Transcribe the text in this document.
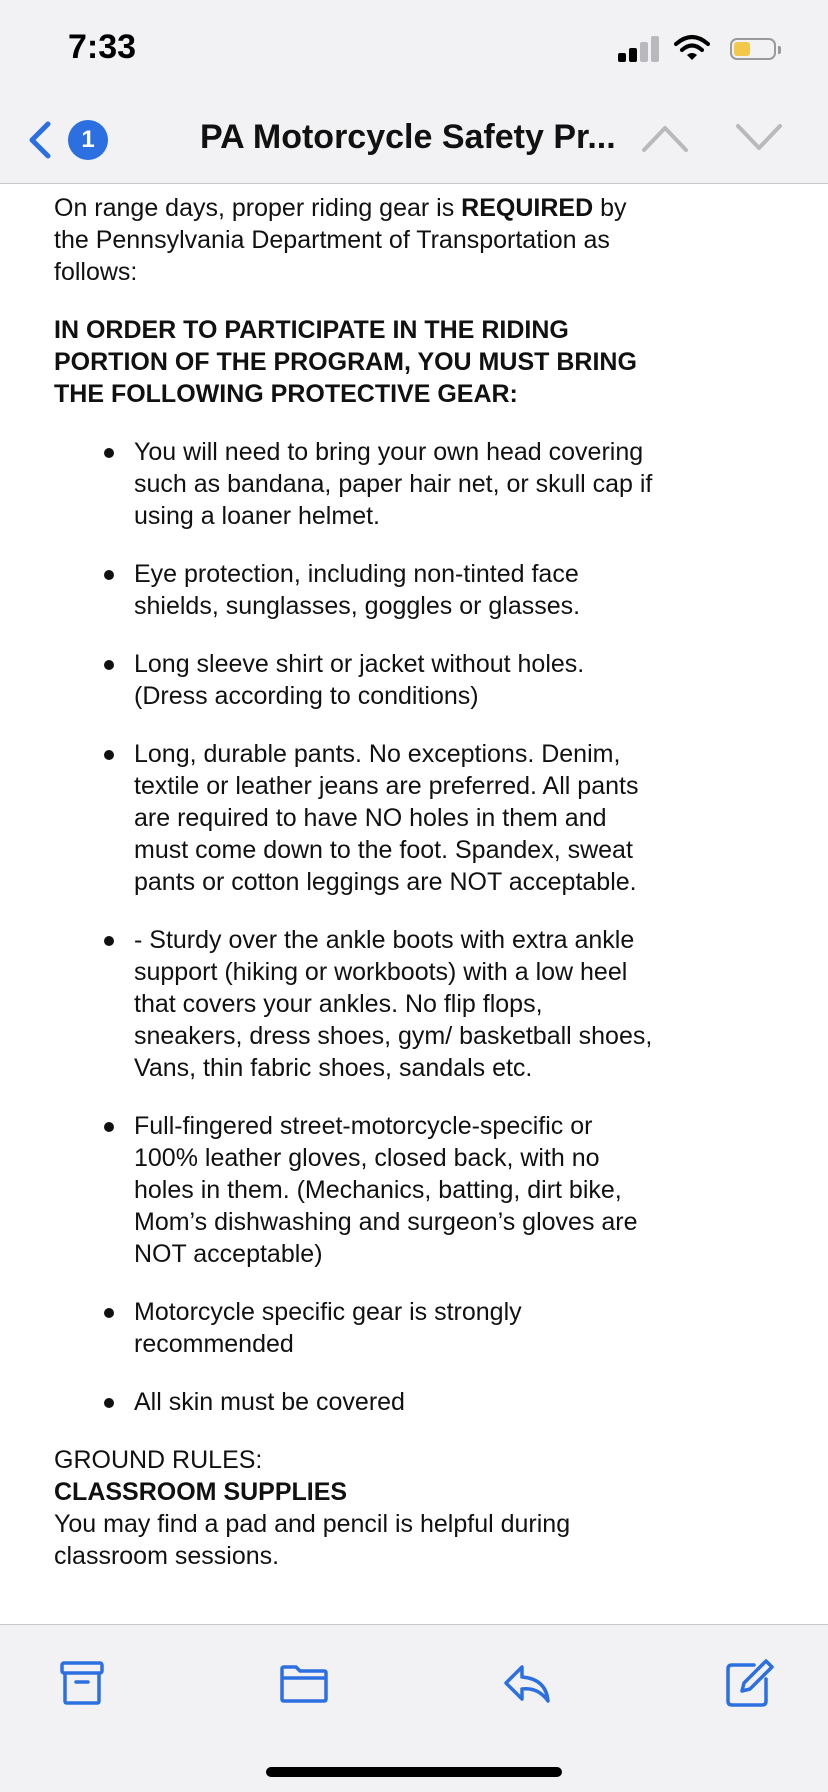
7:33
1	PA Motorcycle Safety Pr...

On range days, proper riding gear is REQUIRED by the Pennsylvania Department of Transportation as follows:

IN ORDER TO PARTICIPATE IN THE RIDING PORTION OF THE PROGRAM, YOU MUST BRING THE FOLLOWING PROTECTIVE GEAR:

You will need to bring your own head covering such as bandana, paper hair net, or skull cap if using a loaner helmet.
Eye protection, including non-tinted face shields, sunglasses, goggles or glasses.
Long sleeve shirt or jacket without holes. (Dress according to conditions)
Long, durable pants. No exceptions. Denim, textile or leather jeans are preferred. All pants are required to have NO holes in them and must come down to the foot. Spandex, sweat pants or cotton leggings are NOT acceptable.
- Sturdy over the ankle boots with extra ankle support (hiking or workboots) with a low heel that covers your ankles. No flip flops, sneakers, dress shoes, gym/ basketball shoes, Vans, thin fabric shoes, sandals etc.
Full-fingered street-motorcycle-specific or 100% leather gloves, closed back, with no holes in them. (Mechanics, batting, dirt bike, Mom’s dishwashing and surgeon’s gloves are NOT acceptable)
Motorcycle specific gear is strongly recommended
All skin must be covered

GROUND RULES:

CLASSROOM SUPPLIES

You may find a pad and pencil is helpful during classroom sessions.
